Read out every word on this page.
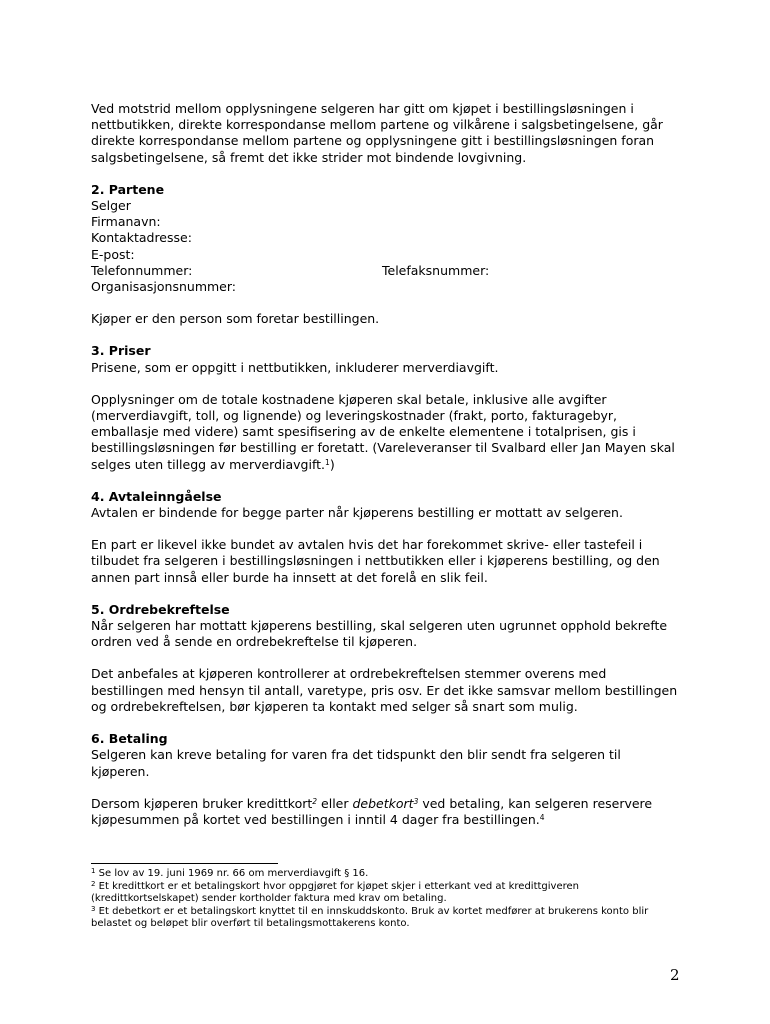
Ved motstrid mellom opplysningene selgeren har gitt om kjøpet i bestillingsløsningen i nettbutikken, direkte korrespondanse mellom partene og vilkårene i salgsbetingelsene, går direkte korrespondanse mellom partene og opplysningene gitt i bestillingsløsningen foran salgsbetingelsene, så fremt det ikke strider mot bindende lovgivning.

2. Partene
Selger
Firmanavn:
Kontaktadresse:
E-post:
Telefonnummer:	Telefaksnummer:
Organisasjonsnummer:

Kjøper er den person som foretar bestillingen.

3. Priser

Prisene, som er oppgitt i nettbutikken, inkluderer merverdiavgift.

Opplysninger om de totale kostnadene kjøperen skal betale, inklusive alle avgifter (merverdiavgift, toll, og lignende) og leveringskostnader (frakt, porto, fakturagebyr, emballasje med videre) samt spesifisering av de enkelte elementene i totalprisen, gis i bestillingsløsningen før bestilling er foretatt. (Vareleveranser til Svalbard eller Jan Mayen skal selges uten tillegg av merverdiavgift.$^1$)

4. Avtaleinngåelse

Avtalen er bindende for begge parter når kjøperens bestilling er mottatt av selgeren.

En part er likevel ikke bundet av avtalen hvis det har forekommet skrive- eller tastefeil i tilbudet fra selgeren i bestillingsløsningen i nettbutikken eller i kjøperens bestilling, og den annen part innså eller burde ha innsett at det forelå en slik feil.

5. Ordrebekreftelse

Når selgeren har mottatt kjøperens bestilling, skal selgeren uten ugrunnet opphold bekrefte ordren ved å sende en ordrebekreftelse til kjøperen.

Det anbefales at kjøperen kontrollerer at ordrebekreftelsen stemmer overens med bestillingen med hensyn til antall, varetype, pris osv. Er det ikke samsvar mellom bestillingen og ordrebekreftelsen, bør kjøperen ta kontakt med selger så snart som mulig.

6. Betaling

Selgeren kan kreve betaling for varen fra det tidspunkt den blir sendt fra selgeren til kjøperen.

Dersom kjøperen bruker kredittkort$^2$ eller debetkort$^3$ ved betaling, kan selgeren reservere kjøpesummen på kortet ved bestillingen i inntil 4 dager fra bestillingen.$^4$

$^1$ Se lov av 19. juni 1969 nr. 66 om merverdiavgift § 16.
$^2$ Et kredittkort er et betalingskort hvor oppgjøret for kjøpet skjer i etterkant ved at kredittgiveren (kredittkortselskapet) sender kortholder faktura med krav om betaling.
$^3$ Et debetkort er et betalingskort knyttet til en innskuddskonto. Bruk av kortet medfører at brukerens konto blir belastet og beløpet blir overført til betalingsmottakerens konto.
2
